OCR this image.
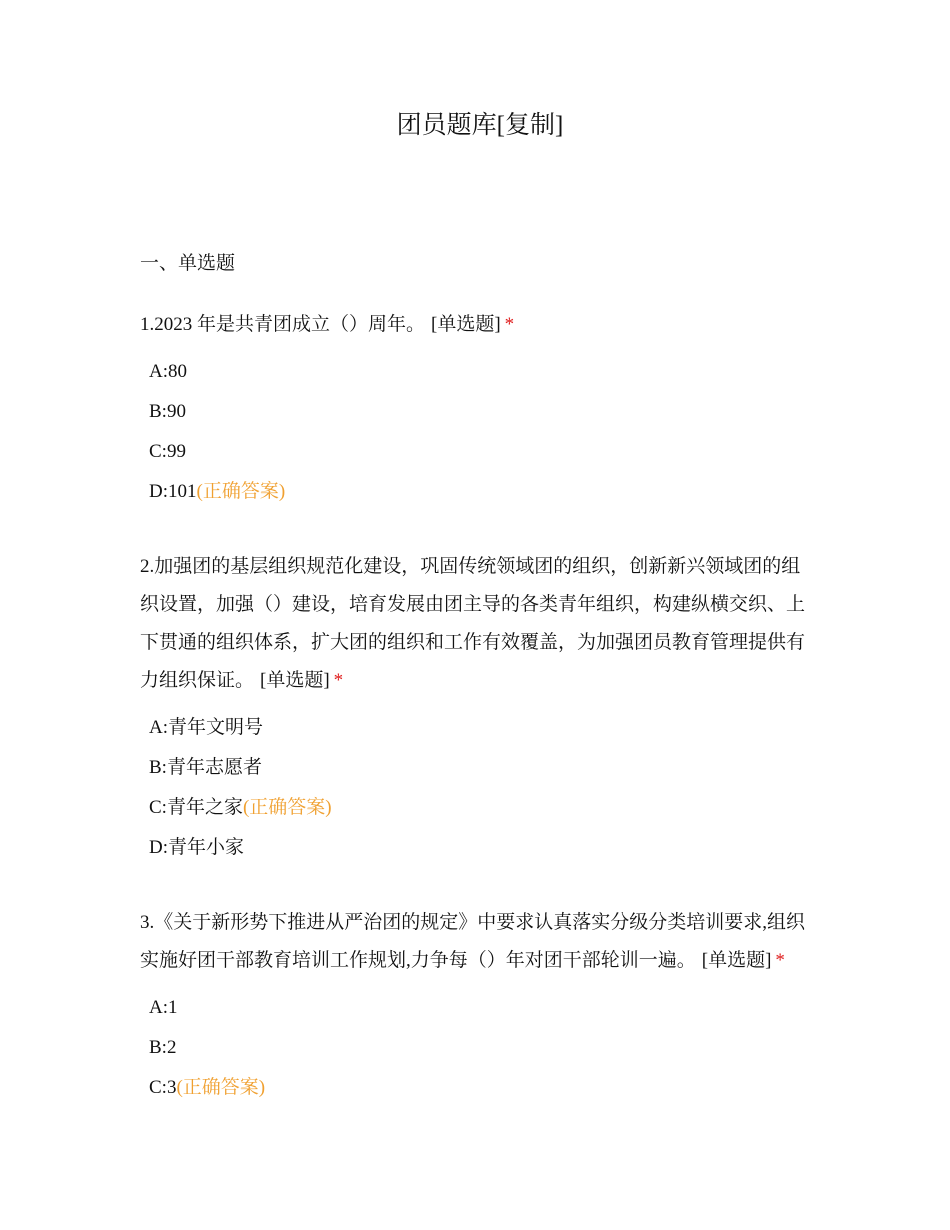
团员题库[复制]
一、单选题

1.2023 年是共青团成立（）周年。 [单选题] *

A:80
B:90
C:99
D:101(正确答案)

2.加强团的基层组织规范化建设，巩固传统领域团的组织，创新新兴领域团的组织设置，加强（）建设，培育发展由团主导的各类青年组织，构建纵横交织、上下贯通的组织体系，扩大团的组织和工作有效覆盖，为加强团员教育管理提供有力组织保证。 [单选题] *

A:青年文明号
B:青年志愿者
C:青年之家(正确答案)
D:青年小家

3.《关于新形势下推进从严治团的规定》中要求认真落实分级分类培训要求,组织实施好团干部教育培训工作规划,力争每（）年对团干部轮训一遍。 [单选题] *

A:1
B:2
C:3(正确答案)
